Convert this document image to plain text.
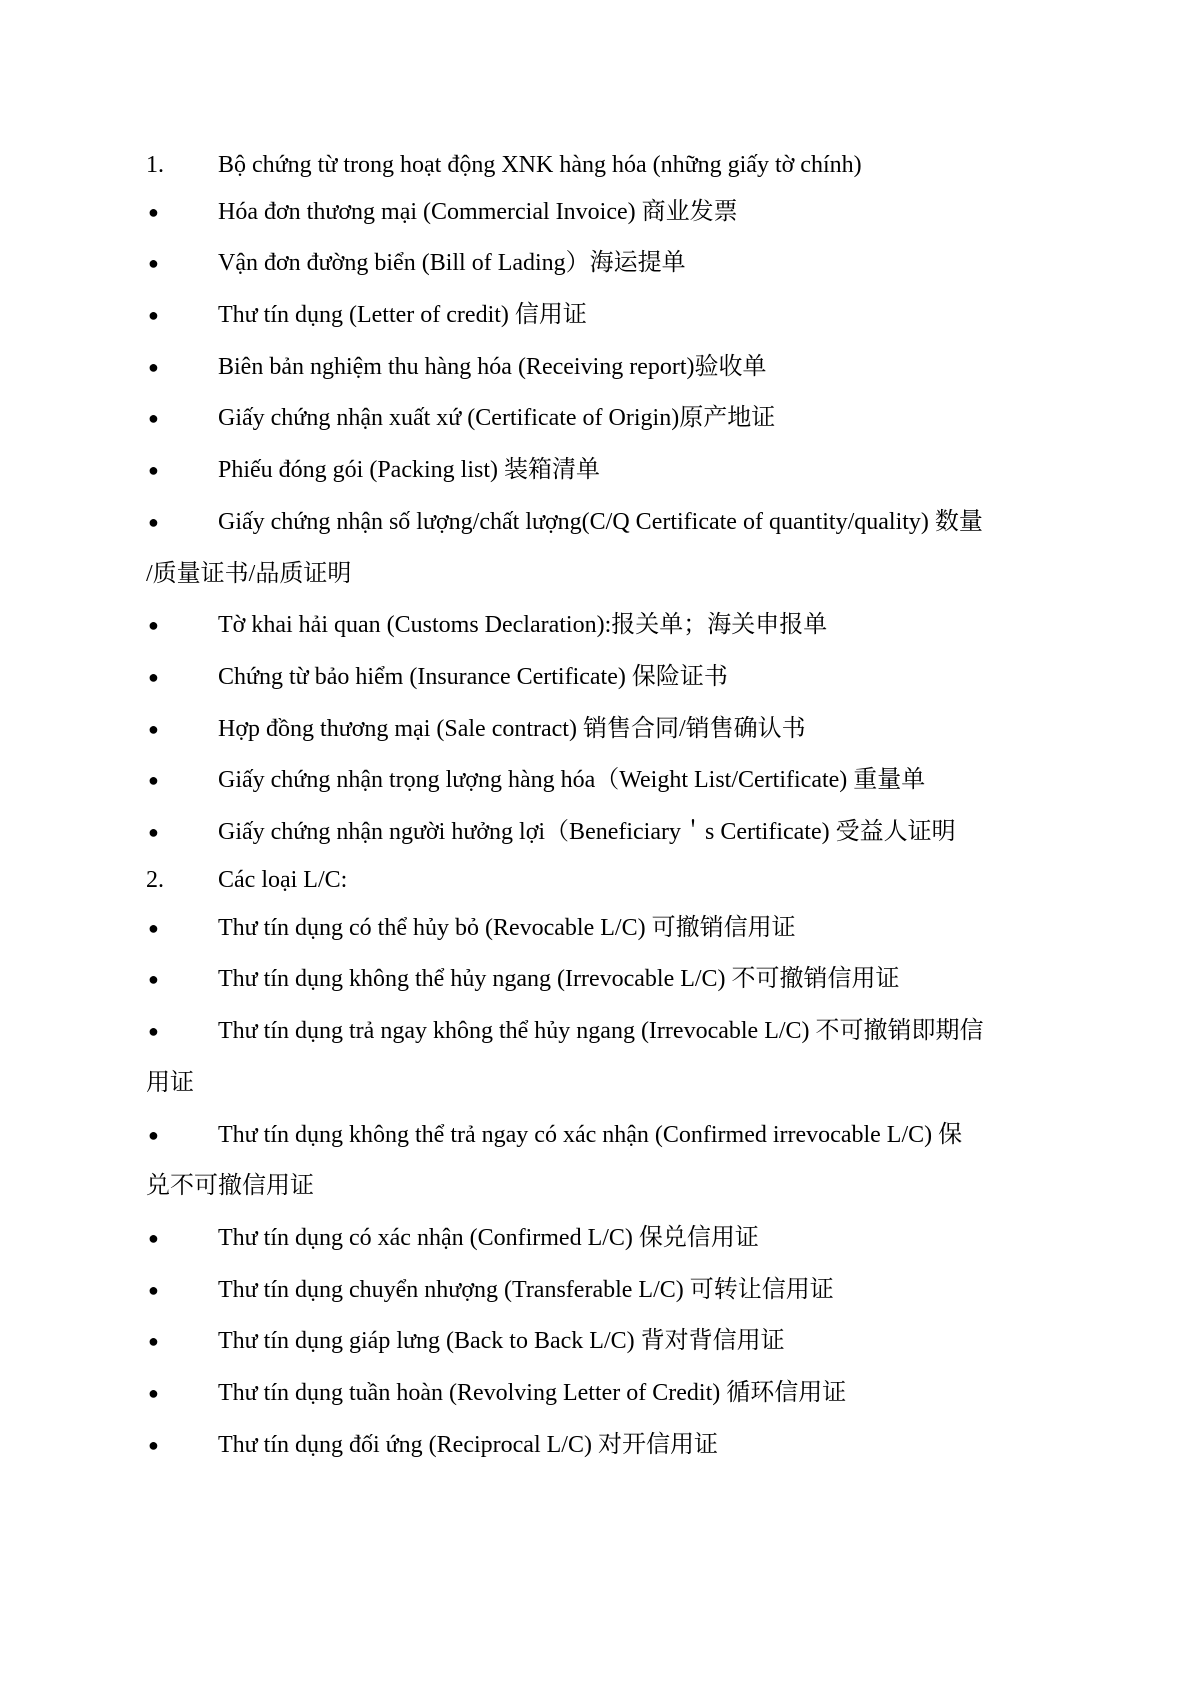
1.	Bộ chứng từ trong hoạt động XNK hàng hóa (những giấy tờ chính)
●	Hóa đơn thương mại (Commercial Invoice) 商业发票
●	Vận đơn đường biển (Bill of Lading）海运提单
●	Thư tín dụng (Letter of credit) 信用证
●	Biên bản nghiệm thu hàng hóa (Receiving report)验收单
●	Giấy chứng nhận xuất xứ (Certificate of Origin)原产地证
●	Phiếu đóng gói (Packing list) 装箱清单
●	Giấy chứng nhận số lượng/chất lượng(C/Q Certificate of quantity/quality) 数量
/质量证书/品质证明
●	Tờ khai hải quan (Customs Declaration):报关单；海关申报单
●	Chứng từ bảo hiểm (Insurance Certificate) 保险证书
●	Hợp đồng thương mại (Sale contract) 销售合同/销售确认书
●	Giấy chứng nhận trọng lượng hàng hóa（Weight List/Certificate) 重量单
●	Giấy chứng nhận người hưởng lợi（Beneficiary＇s Certificate) 受益人证明
2.	Các loại L/C:
●	Thư tín dụng có thể hủy bỏ (Revocable L/C) 可撤销信用证
●	Thư tín dụng không thể hủy ngang (Irrevocable L/C) 不可撤销信用证
●	Thư tín dụng trả ngay không thể hủy ngang (Irrevocable L/C) 不可撤销即期信
用证
●	Thư tín dụng không thể trả ngay có xác nhận (Confirmed irrevocable L/C) 保
兑不可撤信用证
●	Thư tín dụng có xác nhận (Confirmed L/C) 保兑信用证
●	Thư tín dụng chuyển nhượng (Transferable L/C) 可转让信用证
●	Thư tín dụng giáp lưng (Back to Back L/C) 背对背信用证
●	Thư tín dụng tuần hoàn (Revolving Letter of Credit) 循环信用证
●	Thư tín dụng đối ứng (Reciprocal L/C) 对开信用证
